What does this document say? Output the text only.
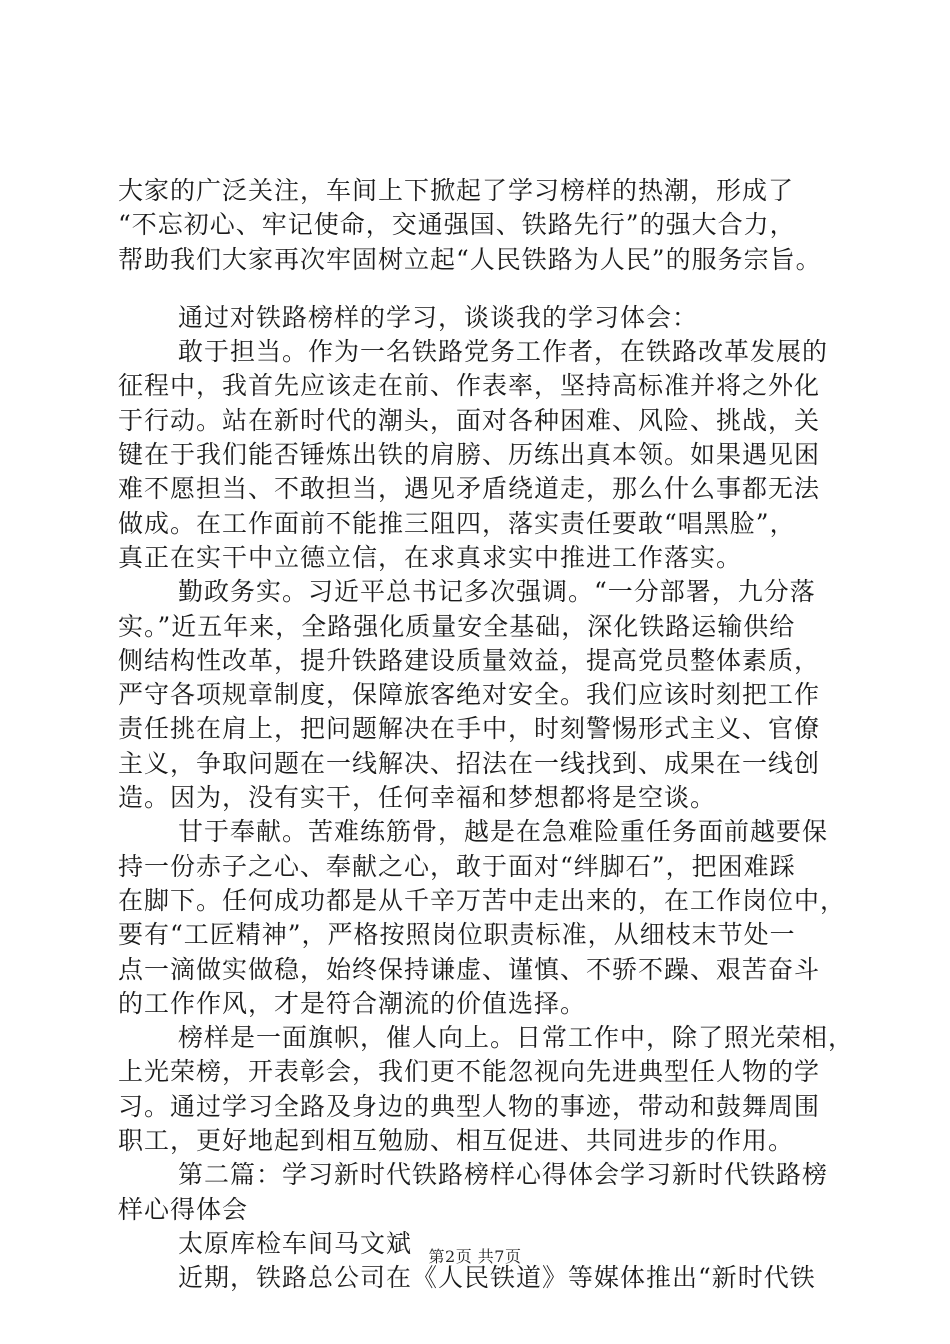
大家的广泛关注，车间上下掀起了学习榜样的热潮，形成了
“不忘初心、牢记使命，交通强国、铁路先行”的强大合力，
帮助我们大家再次牢固树立起“人民铁路为人民”的服务宗旨。
通过对铁路榜样的学习，谈谈我的学习体会：
敢于担当。作为一名铁路党务工作者，在铁路改革发展的
征程中，我首先应该走在前、作表率，坚持高标准并将之外化
于行动。站在新时代的潮头，面对各种困难、风险、挑战，关
键在于我们能否锤炼出铁的肩膀、历练出真本领。如果遇见困
难不愿担当、不敢担当，遇见矛盾绕道走，那么什么事都无法
做成。在工作面前不能推三阻四，落实责任要敢“唱黑脸”，
真正在实干中立德立信，在求真求实中推进工作落实。
勤政务实。习近平总书记多次强调。“一分部署，九分落
实。”近五年来，全路强化质量安全基础，深化铁路运输供给
侧结构性改革，提升铁路建设质量效益，提高党员整体素质，
严守各项规章制度，保障旅客绝对安全。我们应该时刻把工作
责任挑在肩上，把问题解决在手中，时刻警惕形式主义、官僚
主义，争取问题在一线解决、招法在一线找到、成果在一线创
造。因为，没有实干，任何幸福和梦想都将是空谈。
甘于奉献。苦难练筋骨，越是在急难险重任务面前越要保
持一份赤子之心、奉献之心，敢于面对“绊脚石”，把困难踩
在脚下。任何成功都是从千辛万苦中走出来的，在工作岗位中，
要有“工匠精神”，严格按照岗位职责标准，从细枝末节处一
点一滴做实做稳，始终保持谦虚、谨慎、不骄不躁、艰苦奋斗
的工作作风，才是符合潮流的价值选择。
榜样是一面旗帜，催人向上。日常工作中，除了照光荣相，
上光荣榜，开表彰会，我们更不能忽视向先进典型任人物的学
习。通过学习全路及身边的典型人物的事迹，带动和鼓舞周围
职工，更好地起到相互勉励、相互促进、共同进步的作用。
第二篇：学习新时代铁路榜样心得体会学习新时代铁路榜
样心得体会
太原库检车间马文斌
近期，铁路总公司在《人民铁道》等媒体推出“新时代铁
第2页 共7页
